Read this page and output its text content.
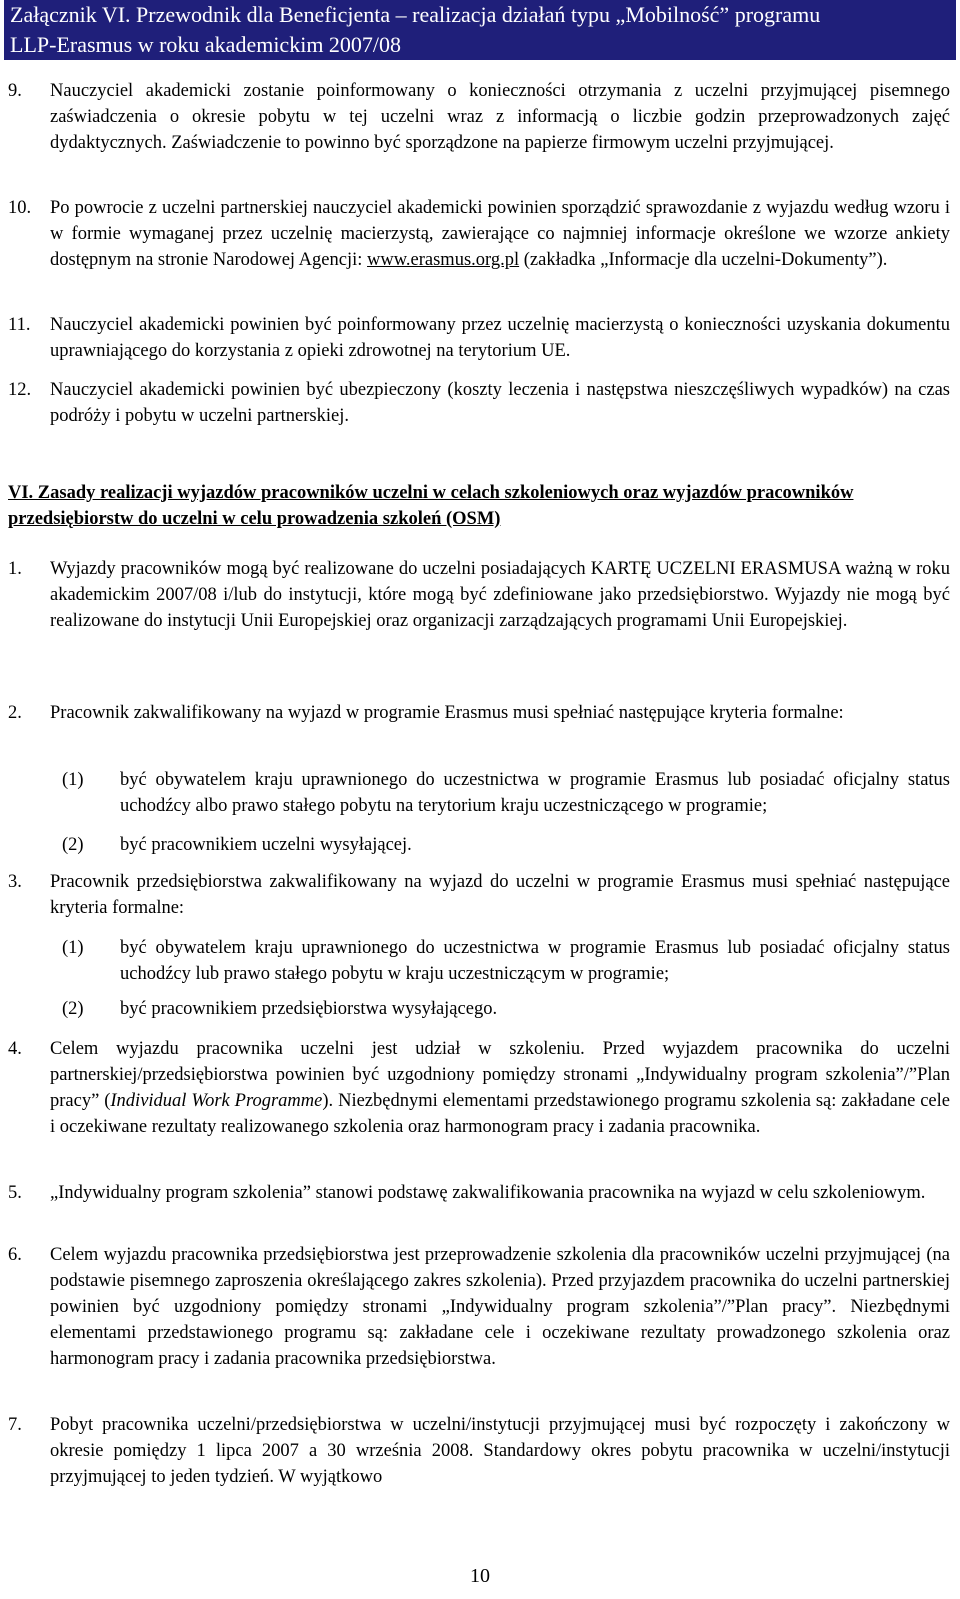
Załącznik VI. Przewodnik dla Beneficjenta – realizacja działań typu „Mobilność” programu
LLP-Erasmus w roku akademickim 2007/08
9. Nauczyciel akademicki zostanie poinformowany o konieczności otrzymania z uczelni przyjmującej pisemnego zaświadczenia o okresie pobytu w tej uczelni wraz z informacją o liczbie godzin przeprowadzonych zajęć dydaktycznych. Zaświadczenie to powinno być sporządzone na papierze firmowym uczelni przyjmującej.
10. Po powrocie z uczelni partnerskiej nauczyciel akademicki powinien sporządzić sprawozdanie z wyjazdu według wzoru i w formie wymaganej przez uczelnię macierzystą, zawierające co najmniej informacje określone we wzorze ankiety dostępnym na stronie Narodowej Agencji: www.erasmus.org.pl (zakładka „Informacje dla uczelni-Dokumenty”).
11. Nauczyciel akademicki powinien być poinformowany przez uczelnię macierzystą o konieczności uzyskania dokumentu uprawniającego do korzystania z opieki zdrowotnej na terytorium UE.
12. Nauczyciel akademicki powinien być ubezpieczony (koszty leczenia i następstwa nieszczęśliwych wypadków) na czas podróży i pobytu w uczelni partnerskiej.
VI. Zasady realizacji wyjazdów pracowników uczelni w celach szkoleniowych oraz wyjazdów pracowników przedsiębiorstw do uczelni w celu prowadzenia szkoleń (OSM)
1. Wyjazdy pracowników mogą być realizowane do uczelni posiadających KARTĘ UCZELNI ERASMUSA ważną w roku akademickim 2007/08 i/lub do instytucji, które mogą być zdefiniowane jako przedsiębiorstwo. Wyjazdy nie mogą być realizowane do instytucji Unii Europejskiej oraz organizacji zarządzających programami Unii Europejskiej.
2. Pracownik zakwalifikowany na wyjazd w programie Erasmus musi spełniać następujące kryteria formalne:
(1) być obywatelem kraju uprawnionego do uczestnictwa w programie Erasmus lub posiadać oficjalny status uchodźcy albo prawo stałego pobytu na terytorium kraju uczestniczącego w programie;
(2) być pracownikiem uczelni wysyłającej.
3. Pracownik przedsiębiorstwa zakwalifikowany na wyjazd do uczelni w programie Erasmus musi spełniać następujące kryteria formalne:
(1) być obywatelem kraju uprawnionego do uczestnictwa w programie Erasmus lub posiadać oficjalny status uchodźcy lub prawo stałego pobytu w kraju uczestniczącym w programie;
(2) być pracownikiem przedsiębiorstwa wysyłającego.
4. Celem wyjazdu pracownika uczelni jest udział w szkoleniu. Przed wyjazdem pracownika do uczelni partnerskiej/przedsiębiorstwa powinien być uzgodniony pomiędzy stronami „Indywidualny program szkolenia”/”Plan pracy” (Individual Work Programme). Niezbędnymi elementami przedstawionego programu szkolenia są: zakładane cele i oczekiwane rezultaty realizowanego szkolenia oraz harmonogram pracy i zadania pracownika.
5. „Indywidualny program szkolenia” stanowi podstawę zakwalifikowania pracownika na wyjazd w celu szkoleniowym.
6. Celem wyjazdu pracownika przedsiębiorstwa jest przeprowadzenie szkolenia dla pracowników uczelni przyjmującej (na podstawie pisemnego zaproszenia określającego zakres szkolenia). Przed przyjazdem pracownika do uczelni partnerskiej powinien być uzgodniony pomiędzy stronami „Indywidualny program szkolenia”/”Plan pracy”. Niezbędnymi elementami przedstawionego programu są: zakładane cele i oczekiwane rezultaty prowadzonego szkolenia oraz harmonogram pracy i zadania pracownika przedsiębiorstwa.
7. Pobyt pracownika uczelni/przedsiębiorstwa w uczelni/instytucji przyjmującej musi być rozpoczęty i zakończony w okresie pomiędzy 1 lipca 2007 a 30 września 2008. Standardowy okres pobytu pracownika w uczelni/instytucji przyjmującej to jeden tydzień. W wyjątkowo
10
